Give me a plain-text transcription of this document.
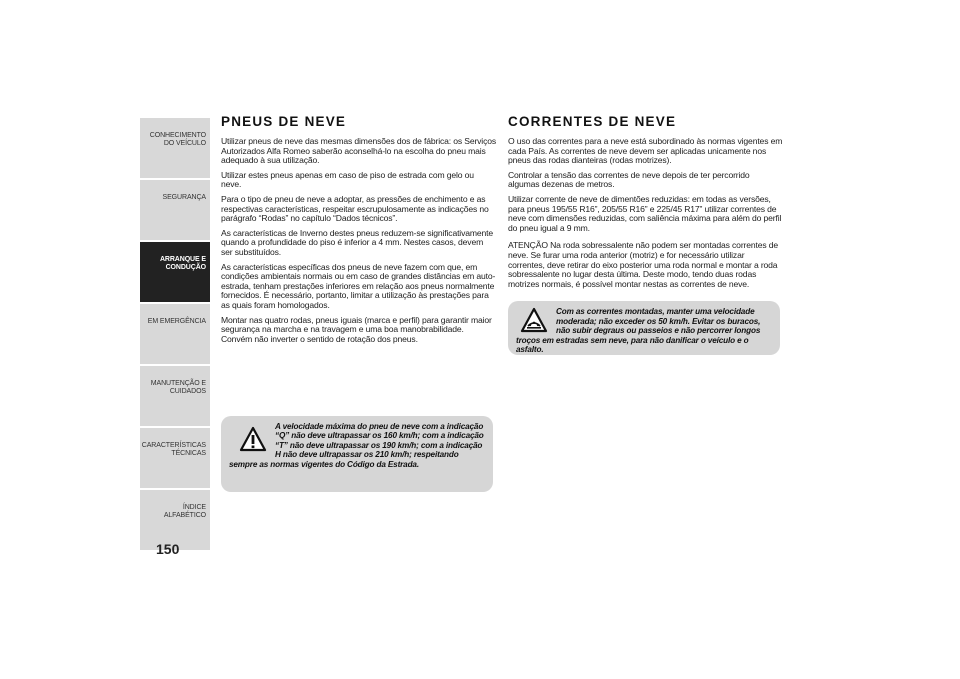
CONHECIMENTO DO VEÍCULO
SEGURANÇA
ARRANQUE E CONDUÇÃO
EM EMERGÊNCIA
MANUTENÇÃO E CUIDADOS
CARACTERÍSTICAS TÉCNICAS
ÍNDICE ALFABÉTICO
150
PNEUS DE NEVE

Utilizar pneus de neve das mesmas dimensões dos de fábrica: os Serviços Autorizados Alfa Romeo saberão aconselhá-lo na escolha do pneu mais adequado à sua utilização.

Utilizar estes pneus apenas em caso de piso de estrada com gelo ou neve.

Para o tipo de pneu de neve a adoptar, as pressões de enchimento e as respectivas características, respeitar escrupulosamente as indicações no parágrafo “Rodas” no capítulo “Dados técnicos”.

As características de Inverno destes pneus reduzem-se significativamente quando a profundidade do piso é inferior a 4 mm. Nestes casos, devem ser substituídos.

As características específicas dos pneus de neve fazem com que, em condições ambientais normais ou em caso de grandes distâncias em auto-estrada, tenham prestações inferiores em relação aos pneus normalmente fornecidos. É necessário, portanto, limitar a utilização às prestações para as quais foram homologados.

Montar nas quatro rodas, pneus iguais (marca e perfil) para garantir maior segurança na marcha e na travagem e uma boa manobrabilidade. Convém não inverter o sentido de rotação dos pneus.

A velocidade máxima do pneu de neve com a indicação “Q” não deve ultrapassar os 160 km/h; com a indicação “T” não deve ultrapassar os 190 km/h; com a indicação H não deve ultrapassar os 210 km/h; respeitando sempre as normas vigentes do Código da Estrada.
CORRENTES DE NEVE

O uso das correntes para a neve está subordinado às normas vigentes em cada País. As correntes de neve devem ser aplicadas unicamente nos pneus das rodas dianteiras (rodas motrizes).

Controlar a tensão das correntes de neve depois de ter percorrido algumas dezenas de metros.

Utilizar corrente de neve de dimentões reduzidas: em todas as versões, para pneus 195/55 R16”, 205/55 R16” e 225/45 R17” utilizar correntes de neve com dimensões reduzidas, com saliência máxima para além do perfil do pneu igual a 9 mm.

ATENÇÃO Na roda sobressalente não podem ser montadas correntes de neve. Se furar uma roda anterior (motriz) e for necessário utilizar correntes, deve retirar do eixo posterior uma roda normal e montar a roda sobressalente no lugar desta última. Deste modo, tendo duas rodas motrizes normais, é possível montar nestas as correntes de neve.

Com as correntes montadas, manter uma velocidade moderada; não exceder os 50 km/h. Evitar os buracos, não subir degraus ou passeios e não percorrer longos troços em estradas sem neve, para não danificar o veículo e o asfalto.
